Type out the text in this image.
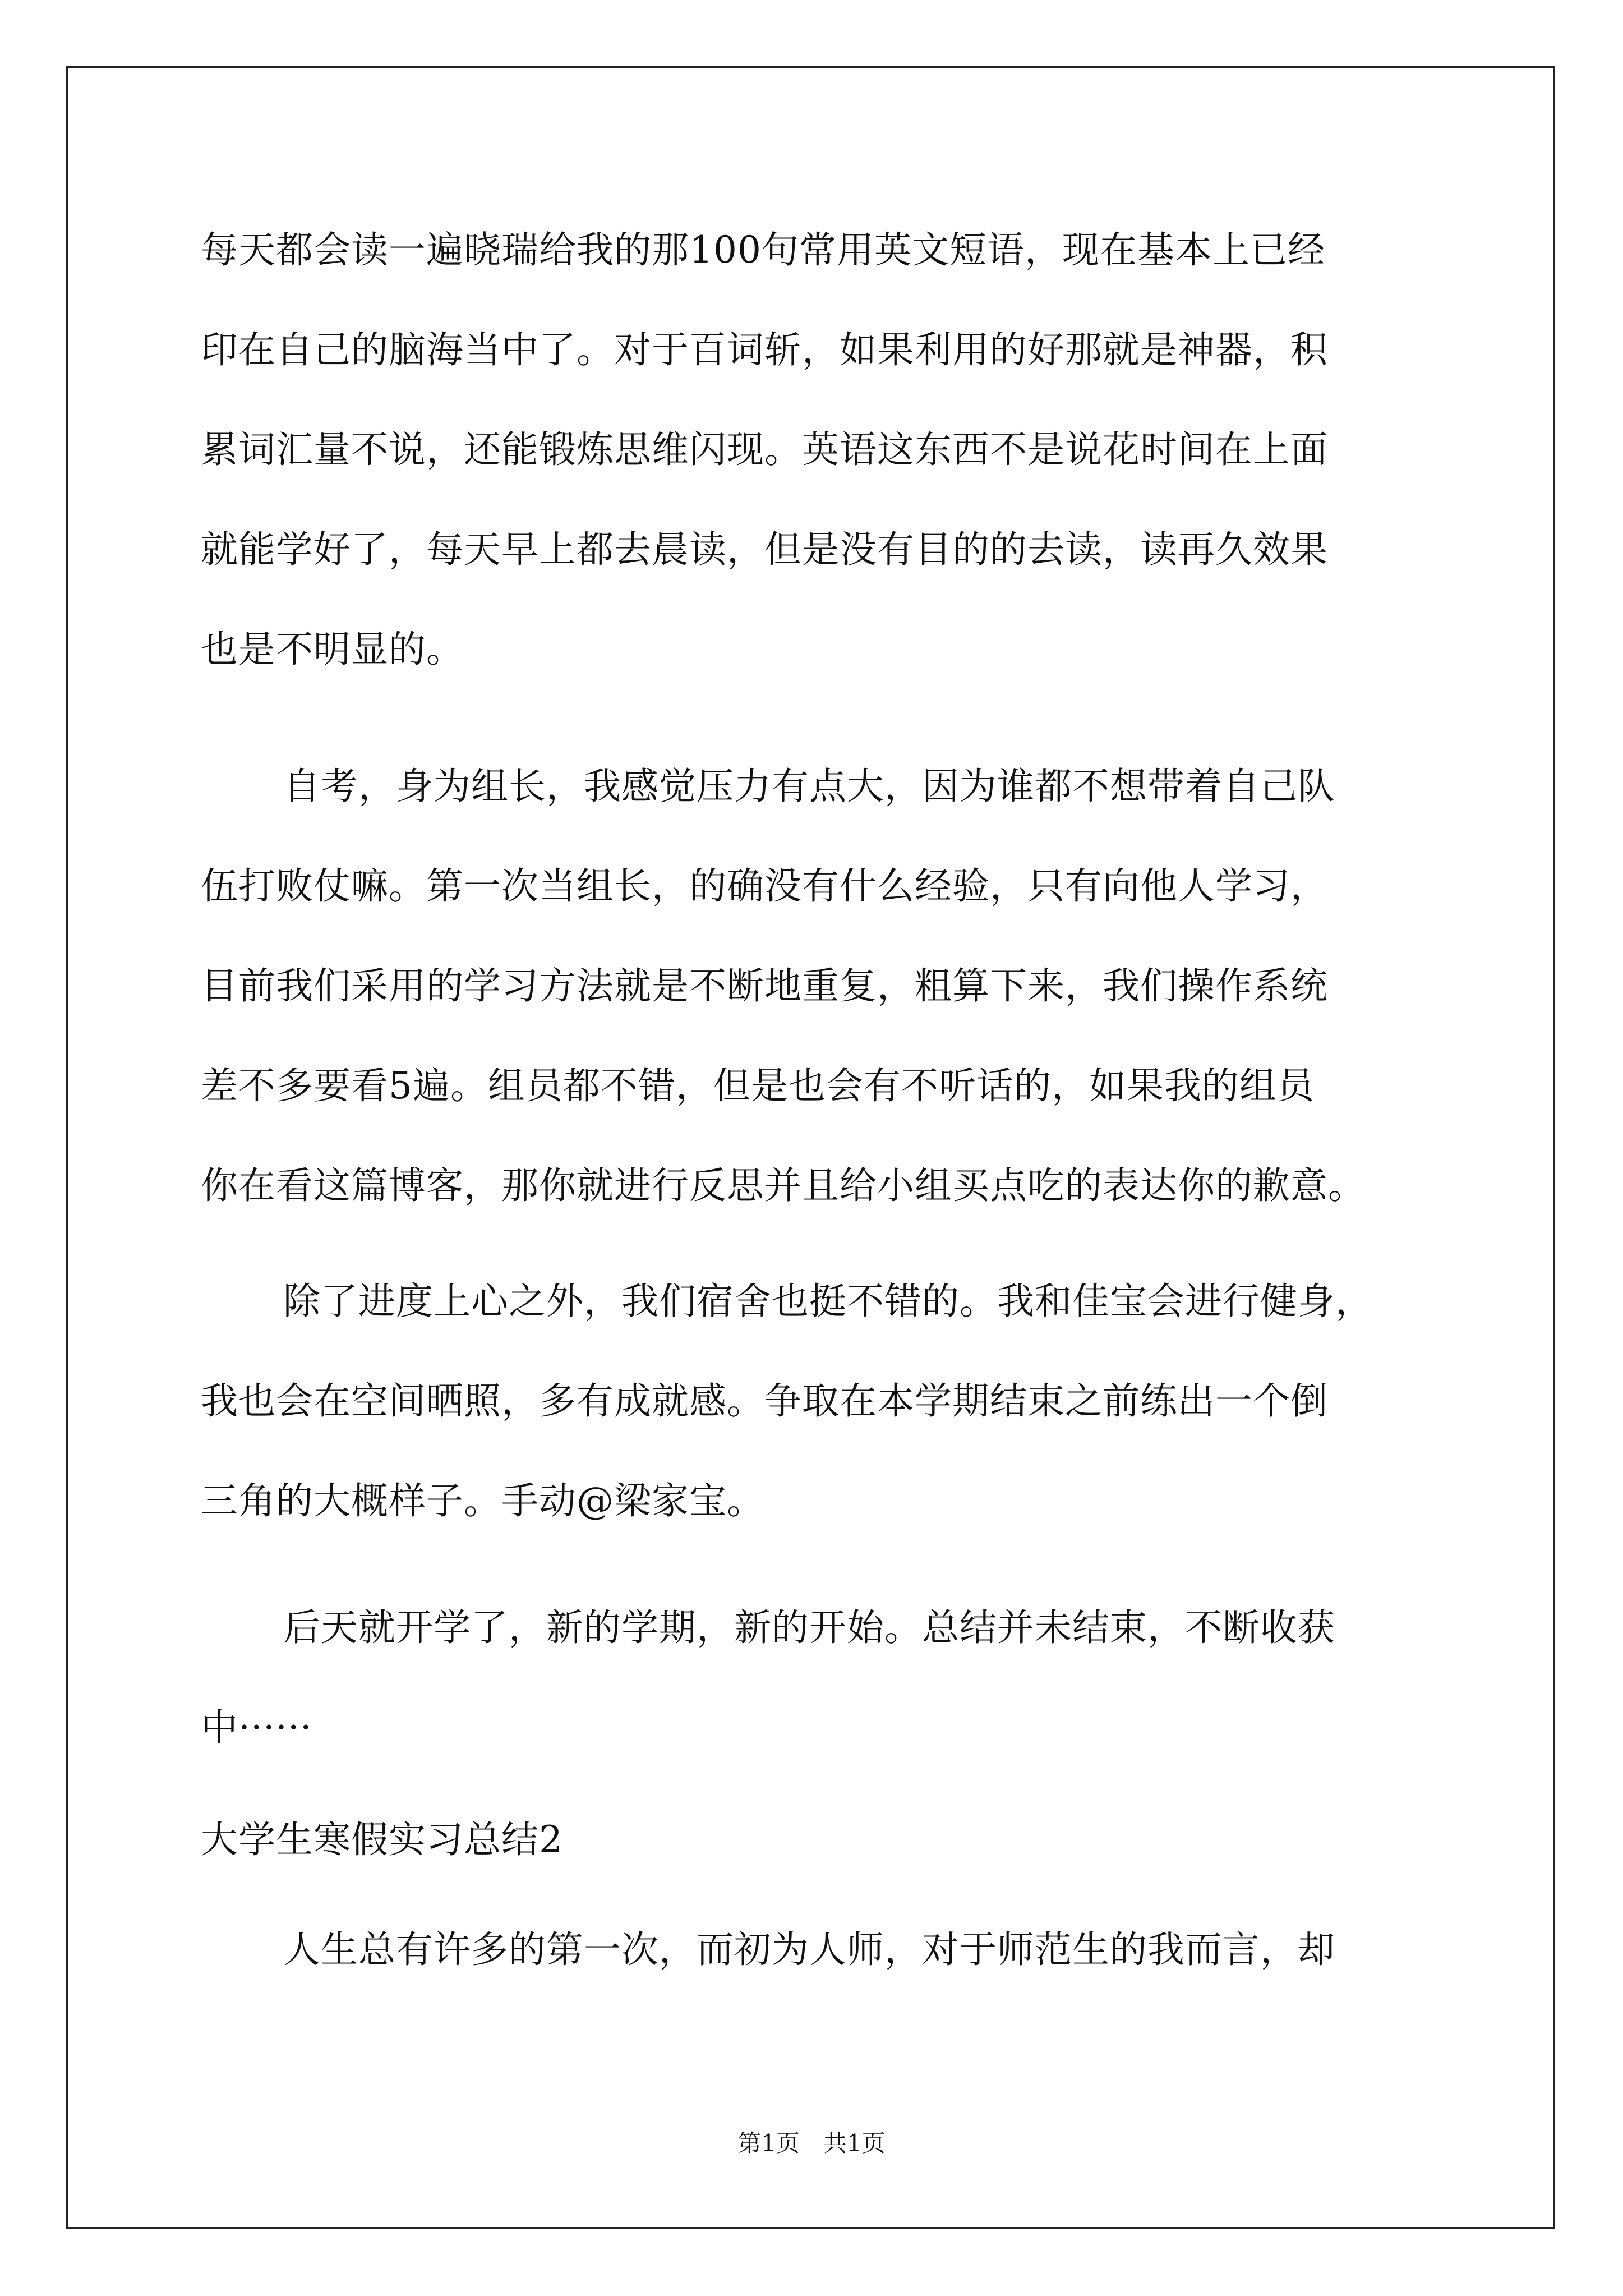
每天都会读一遍晓瑞给我的那100句常用英文短语，现在基本上已经
印在自己的脑海当中了。对于百词斩，如果利用的好那就是神器，积
累词汇量不说，还能锻炼思维闪现。英语这东西不是说花时间在上面
就能学好了，每天早上都去晨读，但是没有目的的去读，读再久效果
也是不明显的。
自考，身为组长，我感觉压力有点大，因为谁都不想带着自己队
伍打败仗嘛。第一次当组长，的确没有什么经验，只有向他人学习，
目前我们采用的学习方法就是不断地重复，粗算下来，我们操作系统
差不多要看5遍。组员都不错，但是也会有不听话的，如果我的组员
你在看这篇博客，那你就进行反思并且给小组买点吃的表达你的歉意。
除了进度上心之外，我们宿舍也挺不错的。我和佳宝会进行健身，
我也会在空间晒照，多有成就感。争取在本学期结束之前练出一个倒
三角的大概样子。手动@梁家宝。
后天就开学了，新的学期，新的开始。总结并未结束，不断收获
中······
大学生寒假实习总结2
人生总有许多的第一次，而初为人师，对于师范生的我而言，却
第1页　共1页
